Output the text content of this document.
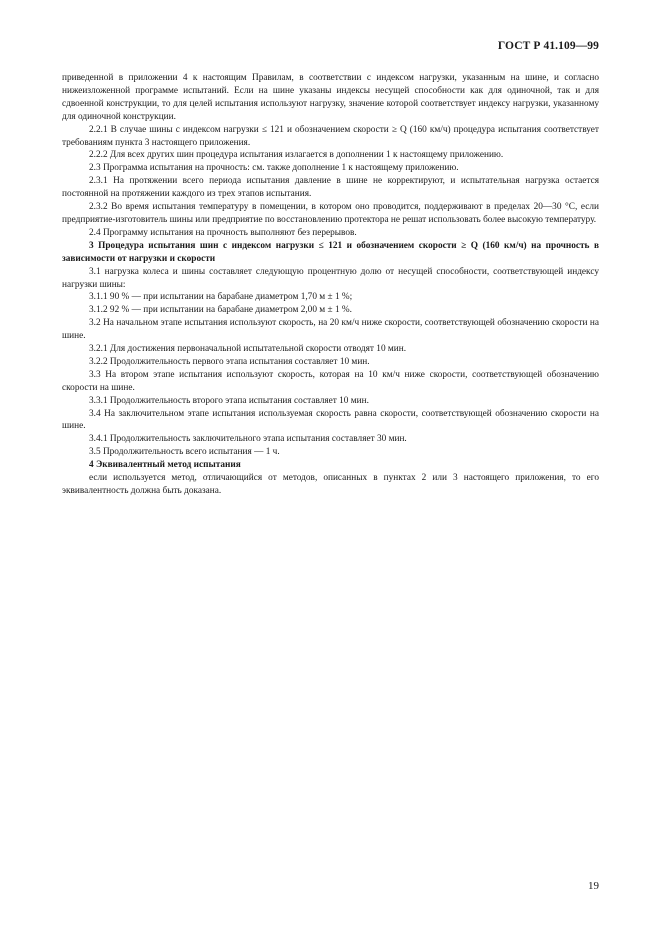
ГОСТ Р 41.109—99

приведенной в приложении 4 к настоящим Правилам, в соответствии с индексом нагрузки, указанным на шине, и согласно нижеизложенной программе испытаний. Если на шине указаны индексы несущей способности как для одиночной, так и для сдвоенной конструкции, то для целей испытания используют нагрузку, значение которой соответствует индексу нагрузки, указанному для одиночной конструкции.

2.2.1 В случае шины с индексом нагрузки ≤ 121 и обозначением скорости ≥ Q (160 км/ч) процедура испытания соответствует требованиям пункта 3 настоящего приложения.

2.2.2 Для всех других шин процедура испытания излагается в дополнении 1 к настоящему приложению.

2.3 Программа испытания на прочность: см. также дополнение 1 к настоящему приложению.

2.3.1 На протяжении всего периода испытания давление в шине не корректируют, и испытательная нагрузка остается постоянной на протяжении каждого из трех этапов испытания.

2.3.2 Во время испытания температуру в помещении, в котором оно проводится, поддерживают в пределах 20—30 °С, если предприятие-изготовитель шины или предприятие по восстановлению протектора не решат использовать более высокую температуру.

2.4 Программу испытания на прочность выполняют без перерывов.

3 Процедура испытания шин с индексом нагрузки ≤ 121 и обозначением скорости ≥ Q (160 км/ч) на прочность в зависимости от нагрузки и скорости

3.1 нагрузка колеса и шины составляет следующую процентную долю от несущей способности, соответствующей индексу нагрузки шины:

3.1.1 90 % — при испытании на барабане диаметром 1,70 м ± 1 %;

3.1.2 92 % — при испытании на барабане диаметром 2,00 м ± 1 %.

3.2 На начальном этапе испытания используют скорость, на 20 км/ч ниже скорости, соответствующей обозначению скорости на шине.

3.2.1 Для достижения первоначальной испытательной скорости отводят 10 мин.

3.2.2 Продолжительность первого этапа испытания составляет 10 мин.

3.3 На втором этапе испытания используют скорость, которая на 10 км/ч ниже скорости, соответствующей обозначению скорости на шине.

3.3.1 Продолжительность второго этапа испытания составляет 10 мин.

3.4 На заключительном этапе испытания используемая скорость равна скорости, соответствующей обозначению скорости на шине.

3.4.1 Продолжительность заключительного этапа испытания составляет 30 мин.

3.5 Продолжительность всего испытания — 1 ч.

4 Эквивалентный метод испытания

если используется метод, отличающийся от методов, описанных в пунктах 2 или 3 настоящего приложения, то его эквивалентность должна быть доказана.

19
